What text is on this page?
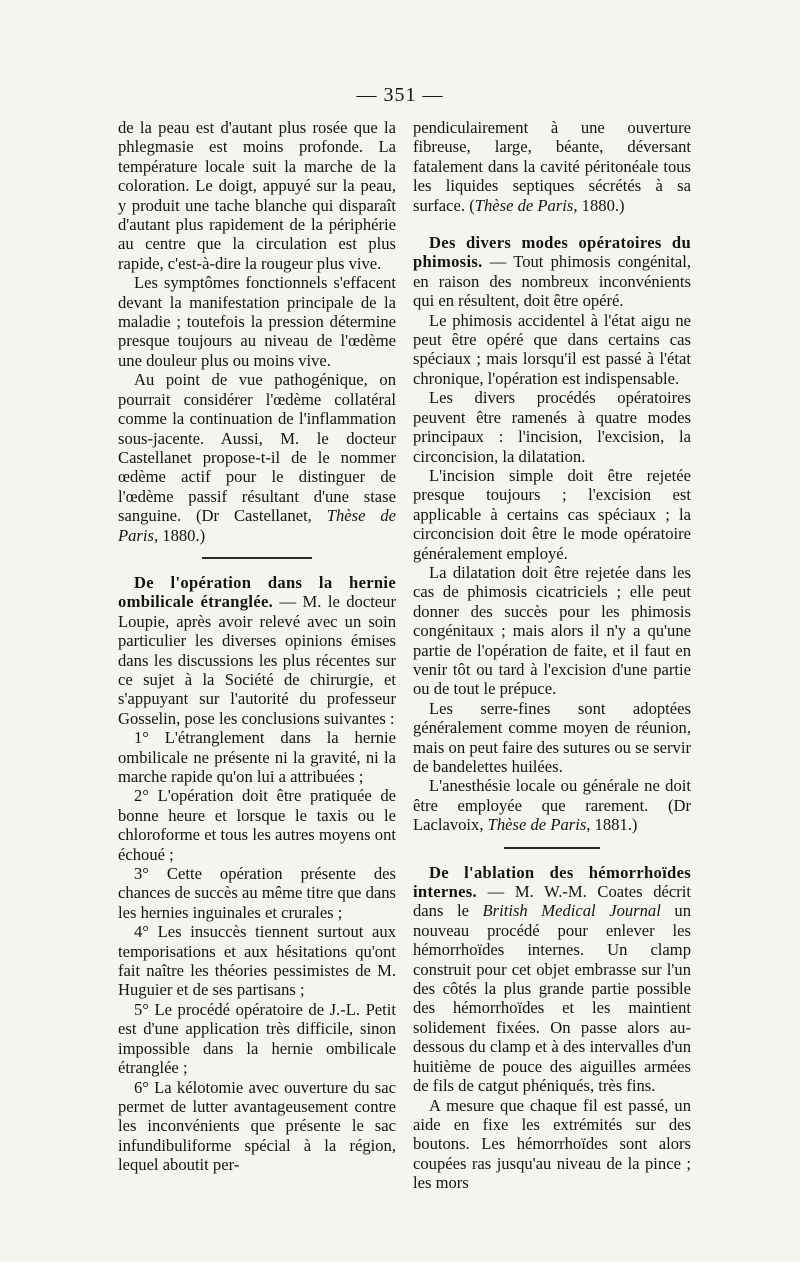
— 351 —

de la peau est d'autant plus rosée que la phlegmasie est moins profonde. La température locale suit la marche de la coloration. Le doigt, appuyé sur la peau, y produit une tache blanche qui disparaît d'autant plus rapidement de la périphérie au centre que la circulation est plus rapide, c'est-à-dire la rougeur plus vive.

Les symptômes fonctionnels s'effacent devant la manifestation principale de la maladie ; toutefois la pression détermine presque toujours au niveau de l'œdème une douleur plus ou moins vive.

Au point de vue pathogénique, on pourrait considérer l'œdème collatéral comme la continuation de l'inflammation sous-jacente. Aussi, M. le docteur Castellanet propose-t-il de le nommer œdème actif pour le distinguer de l'œdème passif résultant d'une stase sanguine. (Dr Castellanet, Thèse de Paris, 1880.)

De l'opération dans la hernie ombilicale étranglée. — M. le docteur Loupie, après avoir relevé avec un soin particulier les diverses opinions émises dans les discussions les plus récentes sur ce sujet à la Société de chirurgie, et s'appuyant sur l'autorité du professeur Gosselin, pose les conclusions suivantes :

1° L'étranglement dans la hernie ombilicale ne présente ni la gravité, ni la marche rapide qu'on lui a attribuées ;

2° L'opération doit être pratiquée de bonne heure et lorsque le taxis ou le chloroforme et tous les autres moyens ont échoué ;

3° Cette opération présente des chances de succès au même titre que dans les hernies inguinales et crurales ;

4° Les insuccès tiennent surtout aux temporisations et aux hésitations qu'ont fait naître les théories pessimistes de M. Huguier et de ses partisans ;

5° Le procédé opératoire de J.-L. Petit est d'une application très difficile, sinon impossible dans la hernie ombilicale étranglée ;

6° La kélotomie avec ouverture du sac permet de lutter avantageusement contre les inconvénients que présente le sac infundibuliforme spécial à la région, lequel aboutit per-

pendiculairement à une ouverture fibreuse, large, béante, déversant fatalement dans la cavité péritonéale tous les liquides septiques sécrétés à sa surface. (Thèse de Paris, 1880.)

Des divers modes opératoires du phimosis. — Tout phimosis congénital, en raison des nombreux inconvénients qui en résultent, doit être opéré.

Le phimosis accidentel à l'état aigu ne peut être opéré que dans certains cas spéciaux ; mais lorsqu'il est passé à l'état chronique, l'opération est indispensable.

Les divers procédés opératoires peuvent être ramenés à quatre modes principaux : l'incision, l'excision, la circoncision, la dilatation.

L'incision simple doit être rejetée presque toujours ; l'excision est applicable à certains cas spéciaux ; la circoncision doit être le mode opératoire généralement employé.

La dilatation doit être rejetée dans les cas de phimosis cicatriciels ; elle peut donner des succès pour les phimosis congénitaux ; mais alors il n'y a qu'une partie de l'opération de faite, et il faut en venir tôt ou tard à l'excision d'une partie ou de tout le prépuce.

Les serre-fines sont adoptées généralement comme moyen de réunion, mais on peut faire des sutures ou se servir de bandelettes huilées.

L'anesthésie locale ou générale ne doit être employée que rarement. (Dr Laclavoix, Thèse de Paris, 1881.)

De l'ablation des hémorrhoïdes internes. — M. W.-M. Coates décrit dans le British Medical Journal un nouveau procédé pour enlever les hémorrhoïdes internes. Un clamp construit pour cet objet embrasse sur l'un des côtés la plus grande partie possible des hémorrhoïdes et les maintient solidement fixées. On passe alors au-dessous du clamp et à des intervalles d'un huitième de pouce des aiguilles armées de fils de catgut phéniqués, très fins.

A mesure que chaque fil est passé, un aide en fixe les extrémités sur des boutons. Les hémorrhoïdes sont alors coupées ras jusqu'au niveau de la pince ; les mors
